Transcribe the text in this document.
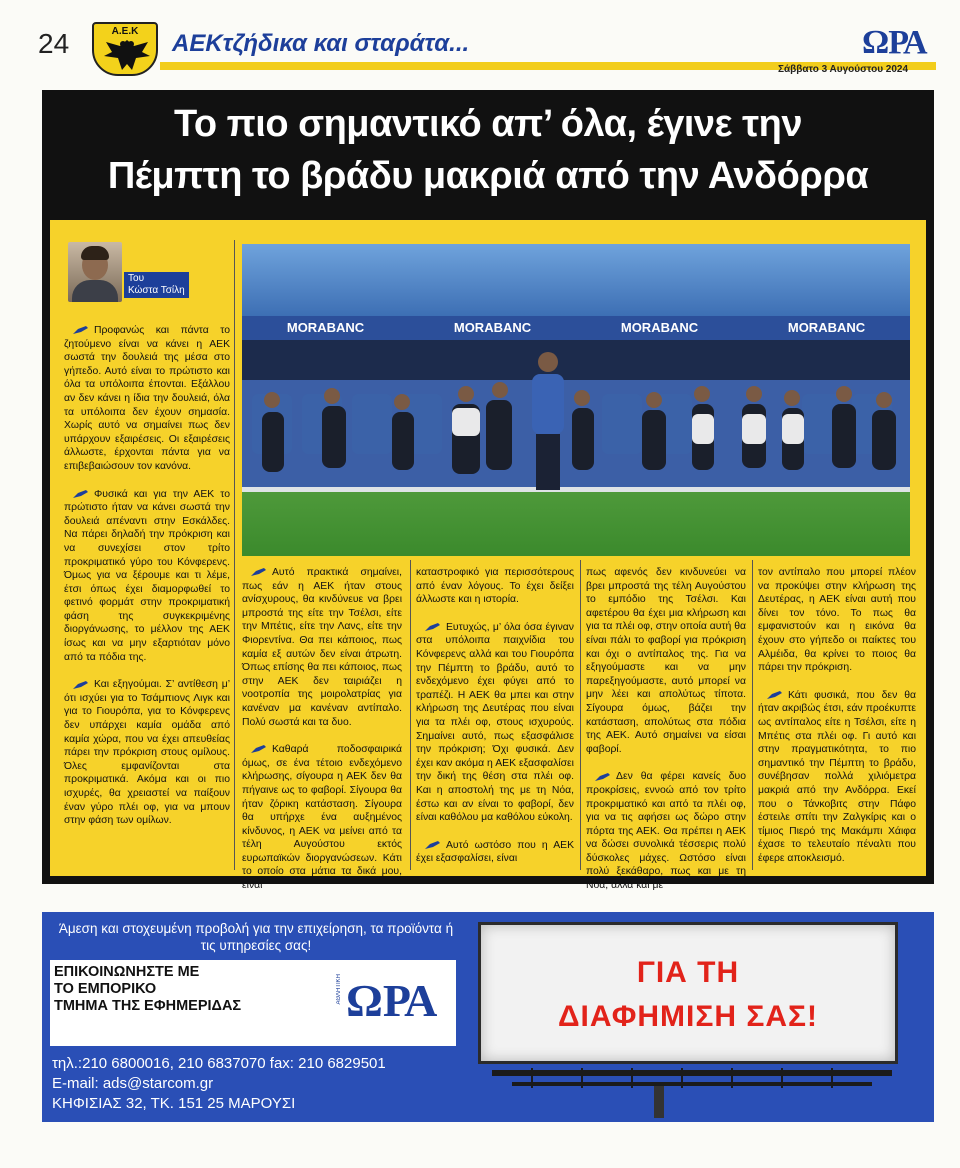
24	Α.Ε.Κ	ΑΕΚτζήδικα και σταράτα...	ΩΡΑ
Σάββατο 3 Αυγούστου 2024
Το πιο σημαντικό απ’ όλα, έγινε την
Πέμπτη το βράδυ μακριά από την Ανδόρρα
Του
Κώστα Τσίλη
MORABANC	MORABANC	MORABANC	MORABANC
Προφανώς και πάντα το ζητούμενο είναι να κάνει η ΑΕΚ σωστά την δουλειά της μέσα στο γήπεδο. Αυτό είναι το πρώτιστο και όλα τα υπόλοιπα έπονται. Εξάλλου αν δεν κάνει η ίδια την δουλειά, όλα τα υπόλοιπα δεν έχουν σημασία. Χωρίς αυτό να σημαίνει πως δεν υπάρχουν εξαιρέσεις. Οι εξαιρέσεις άλλωστε, έρχονται πάντα για να επιβεβαιώσουν τον κανόνα.
Φυσικά και για την ΑΕΚ το πρώτιστο ήταν να κάνει σωστά την δουλειά απέναντι στην Εσκάλδες. Να πάρει δηλαδή την πρόκριση και να συνεχίσει στον τρίτο προκριματικό γύρο του Κόνφερενς. Όμως για να ξέρουμε και τι λέμε, έτσι όπως έχει διαμορφωθεί το φετινό φορμάτ στην προκριματική φάση της συγκεκριμένης διοργάνωσης, το μέλλον της ΑΕΚ ίσως και να μην εξαρτιόταν μόνο από τα πόδια της.
Και εξηγούμαι. Σ’ αντίθεση μ’ ότι ισχύει για το Τσάμπιονς Λιγκ και για το Γιουρόπα, για το Κόνφερενς δεν υπάρχει καμία ομάδα από καμία χώρα, που να έχει απευθείας πάρει την πρόκριση στους ομίλους. Όλες εμφανίζονται στα προκριματικά. Ακόμα και οι πιο ισχυρές, θα χρειαστεί να παίξουν έναν γύρο πλέι οφ, για να μπουν στην φάση των ομίλων.
Αυτό πρακτικά σημαίνει, πως εάν η ΑΕΚ ήταν στους ανίσχυρους, θα κινδύνευε να βρει μπροστά της είτε την Τσέλσι, είτε την Μπέτις, είτε την Λανς, είτε την Φιορεντίνα. Θα πει κάποιος, πως καμία εξ αυτών δεν είναι άτρωτη. Όπως επίσης θα πει κάποιος, πως στην ΑΕΚ δεν ταιριάζει η νοοτροπία της μοιρολατρίας για κανέναν μα κανέναν αντίπαλο. Πολύ σωστά και τα δυο.
Καθαρά ποδοσφαιρικά όμως, σε ένα τέτοιο ενδεχόμενο κλήρωσης, σίγουρα η ΑΕΚ δεν θα πήγαινε ως το φαβορί. Σίγουρα θα ήταν ζόρικη κατάσταση. Σίγουρα θα υπήρχε ένα αυξημένος κίνδυνος, η ΑΕΚ να μείνει από τα τέλη Αυγούστου εκτός ευρωπαϊκών διοργανώσεων. Κάτι το οποίο στα μάτια τα δικά μου, είναι
καταστροφικό για περισσότερους από έναν λόγους. Το έχει δείξει άλλωστε και η ιστορία.
Ευτυχώς, μ’ όλα όσα έγιναν στα υπόλοιπα παιχνίδια του Κόνφερενς αλλά και του Γιουρόπα την Πέμπτη το βράδυ, αυτό το ενδεχόμενο έχει φύγει από το τραπέζι. Η ΑΕΚ θα μπει και στην κλήρωση της Δευτέρας που είναι για τα πλέι οφ, στους ισχυρούς. Σημαίνει αυτό, πως εξασφάλισε την πρόκριση; Όχι φυσικά. Δεν έχει καν ακόμα η ΑΕΚ εξασφαλίσει την δική της θέση στα πλέι οφ. Και η αποστολή της με τη Νόα, έστω και αν είναι το φαβορί, δεν είναι καθόλου μα καθόλου εύκολη.
Αυτό ωστόσο που η ΑΕΚ έχει εξασφαλίσει, είναι
πως αφενός δεν κινδυνεύει να βρει μπροστά της τέλη Αυγούστου το εμπόδιο της Τσέλσι. Και αφετέρου θα έχει μια κλήρωση και για τα πλέι οφ, στην οποία αυτή θα είναι πάλι το φαβορί για πρόκριση και όχι ο αντίπαλος της. Για να εξηγούμαστε και να μην παρεξηγούμαστε, αυτό μπορεί να μην λέει και απολύτως τίποτα. Σίγουρα όμως, βάζει την κατάσταση, απολύτως στα πόδια της ΑΕΚ. Αυτό σημαίνει να είσαι φαβορί.
Δεν θα φέρει κανείς δυο προκρίσεις, εννοώ από τον τρίτο προκριματικό και από τα πλέι οφ, για να τις αφήσει ως δώρο στην πόρτα της ΑΕΚ. Θα πρέπει η ΑΕΚ να δώσει συνολικά τέσσερις πολύ δύσκολες μάχες. Ωστόσο είναι πολύ ξεκάθαρο, πως και με τη Νόα, αλλά και με
τον αντίπαλο που μπορεί πλέον να προκύψει στην κλήρωση της Δευτέρας, η ΑΕΚ είναι αυτή που δίνει τον τόνο. Το πως θα εμφανιστούν και η εικόνα θα έχουν στο γήπεδο οι παίκτες του Αλμέιδα, θα κρίνει το ποιος θα πάρει την πρόκριση.
Κάτι φυσικά, που δεν θα ήταν ακριβώς έτσι, εάν προέκυπτε ως αντίπαλος είτε η Τσέλσι, είτε η Μπέτις στα πλέι οφ. Γι αυτό και στην πραγματικότητα, το πιο σημαντικό την Πέμπτη το βράδυ, συνέβησαν πολλά χιλιόμετρα μακριά από την Ανδόρρα. Εκεί που ο Τάνκοβιτς στην Πάφο έστειλε σπίτι την Ζαλγκίρις και ο τίμιος Πιερό της Μακάμπι Χάιφα έχασε το τελευταίο πέναλτι που έφερε αποκλεισμό.
Άμεση και στοχευμένη προβολή για την επιχείρηση, τα προϊόντα ή τις υπηρεσίες σας!
ΕΠΙΚΟΙΝΩΝΗΣΤΕ ΜΕ
ΤΟ ΕΜΠΟΡΙΚΟ
ΤΜΗΜΑ ΤΗΣ ΕΦΗΜΕΡΙΔΑΣ
ΑΘΛΗΤΙΚΗ ΩΡΑ
τηλ.:210 6800016, 210 6837070 fax: 210 6829501
E-mail: ads@starcom.gr
ΚΗΦΙΣΙΑΣ 32, ΤΚ. 151 25 ΜΑΡΟΥΣΙ
ΓΙΑ ΤΗ
ΔΙΑΦΗΜΙΣΗ ΣΑΣ!
